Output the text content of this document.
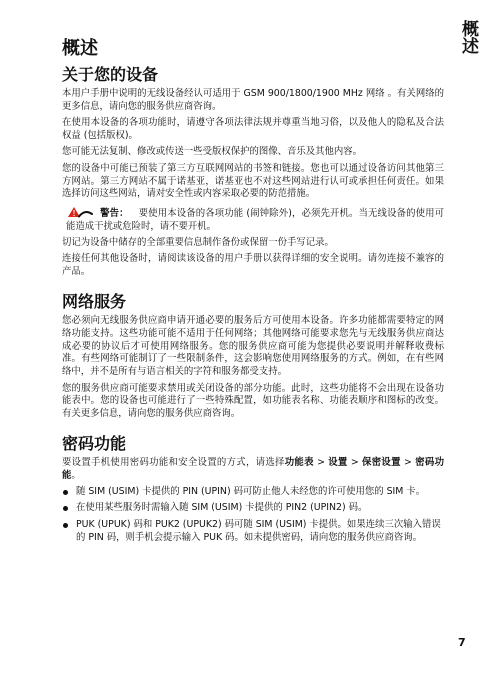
概述
概述
关于您的设备

本用户手册中说明的无线设备经认可适用于 GSM 900/1800/1900 MHz 网络 。有关网络的更多信息，请向您的服务供应商咨询。

在使用本设备的各项功能时，请遵守各项法律法规并尊重当地习俗，以及他人的隐私及合法权益 (包括版权)。

您可能无法复制、修改或传送一些受版权保护的图像、音乐及其他内容。

您的设备中可能已预装了第三方互联网网站的书签和链接。您也可以通过设备访问其他第三方网站。第三方网站不属于诺基亚，诺基亚也不对这些网站进行认可或承担任何责任。如果选择访问这些网站，请对安全性或内容采取必要的防范措施。

警告： 要使用本设备的各项功能 (闹钟除外)，必须先开机。当无线设备的使用可能造成干扰或危险时，请不要开机。

切记为设备中储存的全部重要信息制作备份或保留一份手写记录。

连接任何其他设备时，请阅读该设备的用户手册以获得详细的安全说明。请勿连接不兼容的产品。

网络服务

您必须向无线服务供应商申请开通必要的服务后方可使用本设备。许多功能都需要特定的网络功能支持。这些功能可能不适用于任何网络；其他网络可能要求您先与无线服务供应商达成必要的协议后才可使用网络服务。您的服务供应商可能为您提供必要说明并解释收费标准。有些网络可能制订了一些限制条件，这会影响您使用网络服务的方式。例如，在有些网络中，并不是所有与语言相关的字符和服务都受支持。

您的服务供应商可能要求禁用或关闭设备的部分功能。此时，这些功能将不会出现在设备功能表中。您的设备也可能进行了一些特殊配置，如功能表名称、功能表顺序和图标的改变。有关更多信息，请向您的服务供应商咨询。

密码功能

要设置手机使用密码功能和安全设置的方式，请选择功能表 > 设置 > 保密设置 > 密码功能。

随 SIM (USIM) 卡提供的 PIN (UPIN) 码可防止他人未经您的许可使用您的 SIM 卡。
在使用某些服务时需输入随 SIM (USIM) 卡提供的 PIN2 (UPIN2) 码。
PUK (UPUK) 码和 PUK2 (UPUK2) 码可随 SIM (USIM) 卡提供。如果连续三次输入错误的 PIN 码，则手机会提示输入 PUK 码。如未提供密码，请向您的服务供应商咨询。
7
